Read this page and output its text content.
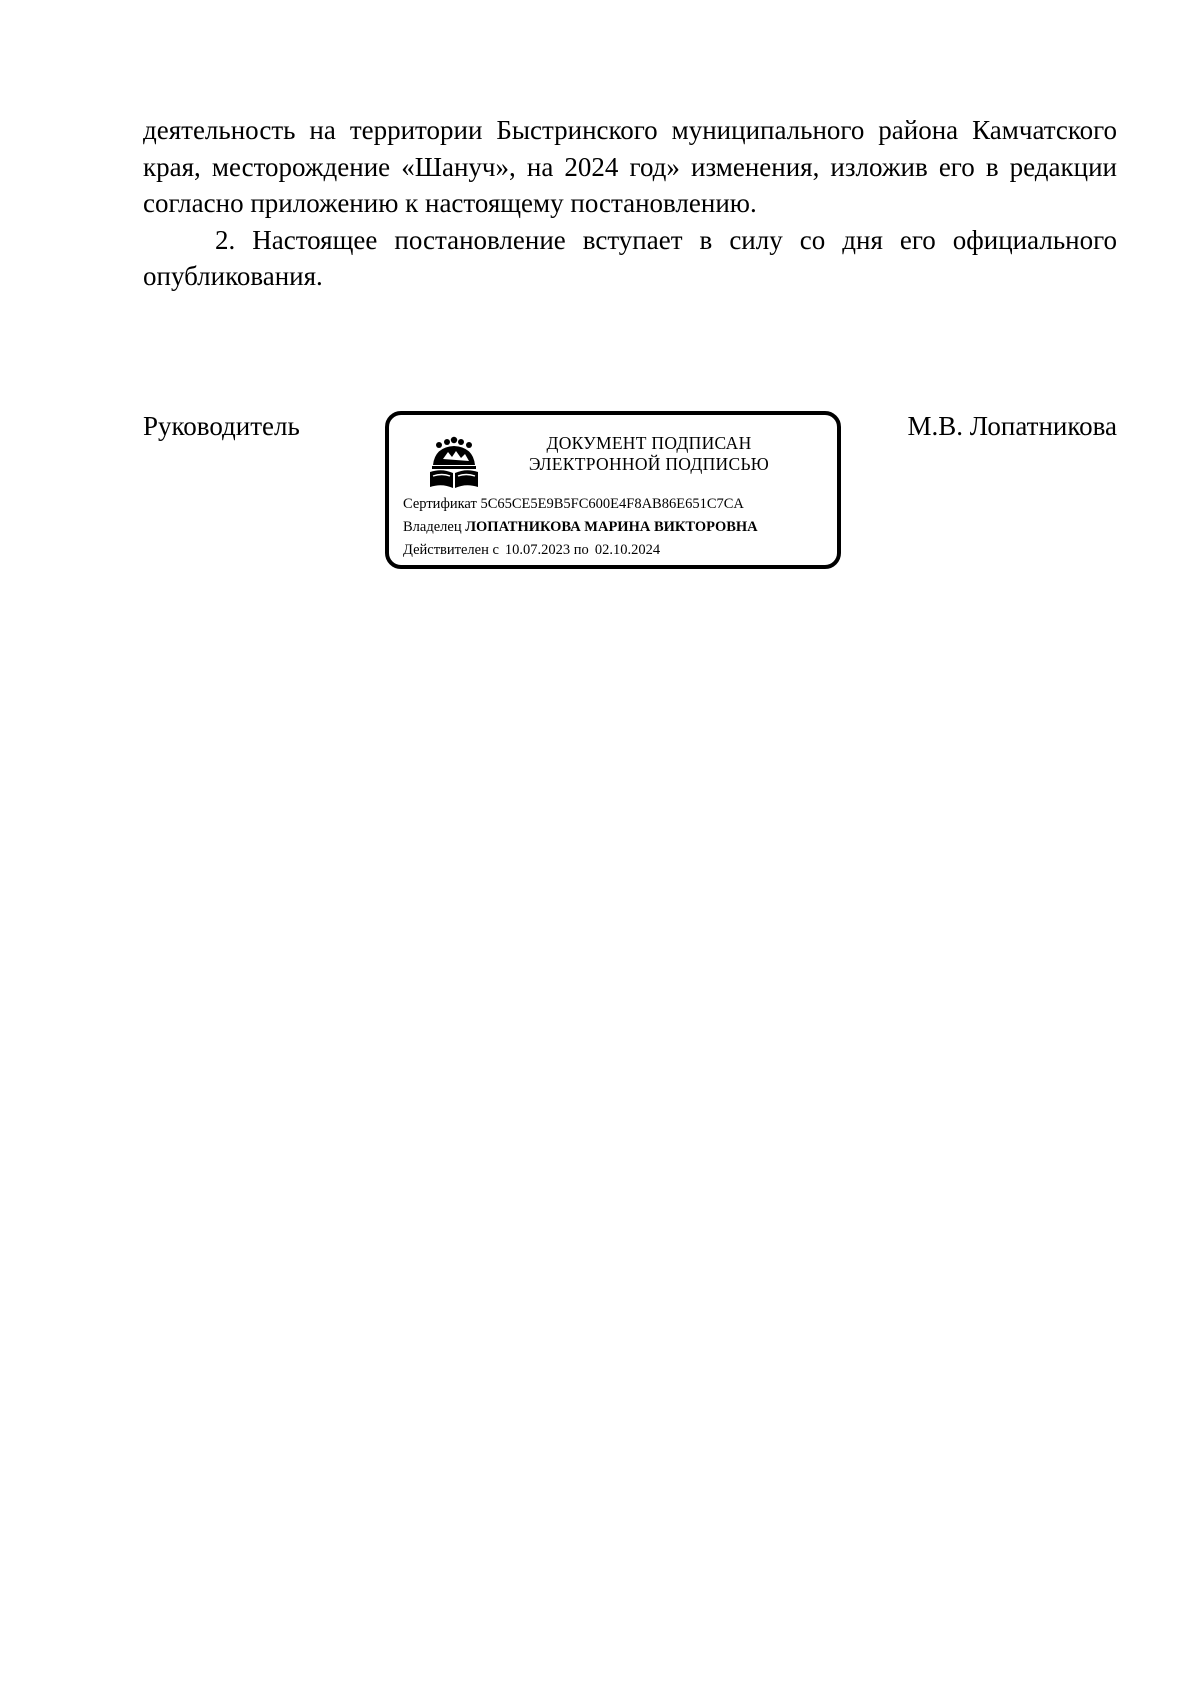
деятельность на территории Быстринского муниципального района Камчатского края, месторождение «Шануч», на 2024 год» изменения, изложив его в редакции согласно приложению к настоящему постановлению.

2. Настоящее постановление вступает в силу со дня его официального опубликования.

Руководитель
ДОКУМЕНТ ПОДПИСАН
ЭЛЕКТРОННОЙ ПОДПИСЬЮ
Сертификат 5C65CE5E9B5FC600E4F8AB86E651C7CA
Владелец ЛОПАТНИКОВА МАРИНА ВИКТОРОВНА
Действителен с 10.07.2023 по 02.10.2024
М.В. Лопатникова
